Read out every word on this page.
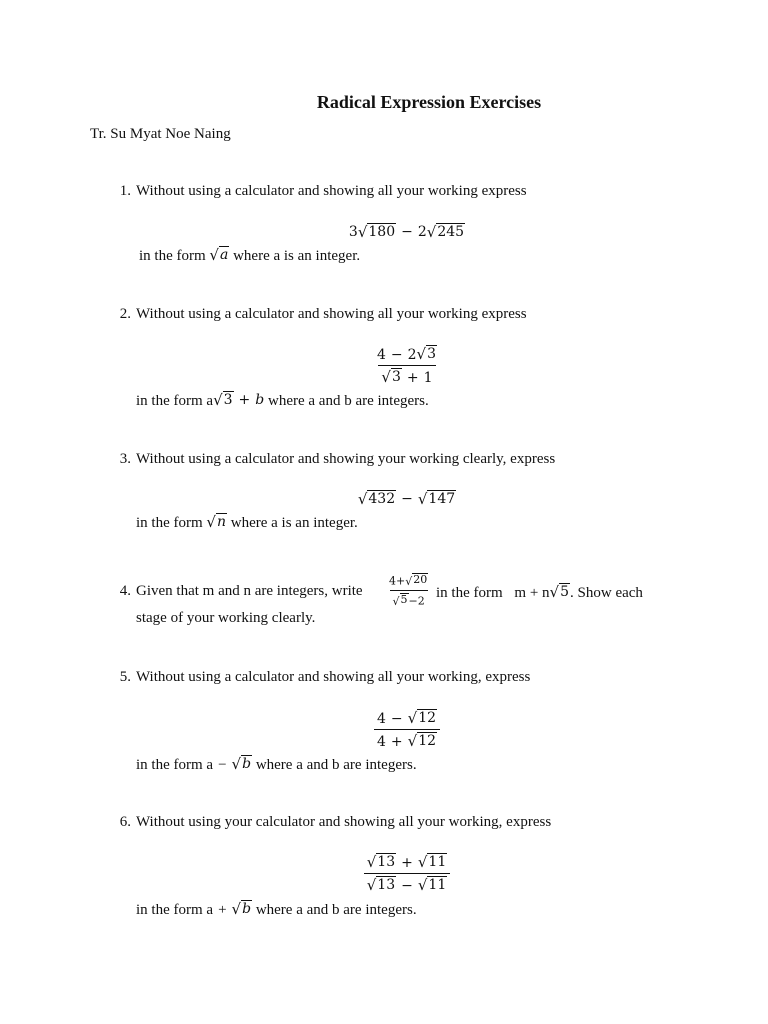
Radical Expression Exercises
Tr. Su Myat Noe Naing
1. Without using a calculator and showing all your working express
3 √ 180 − 2 √ 245
in the form √ a where a is an integer.
2. Without using a calculator and showing all your working express
$\frac{4 - 2 √ 3}{√ 3 + 1}$
in the form a √ 3 + b where a and b are integers.
3. Without using a calculator and showing your working clearly, express
√ 432 − √ 147
in the form √ n where a is an integer.
4. Given that m and n are integers, write $\frac{4+ √ 20}{√ 5 -2}$ in the form m + n √ 5 . Show each
stage of your working clearly.
5. Without using a calculator and showing all your working, express
$\frac{4 - √ 12}{4 + √ 12}$
in the form a − √ b where a and b are integers.
6. Without using your calculator and showing all your working, express
$\frac{√ 13 + √ 11}{√ 13 - √ 11}$
in the form a + √ b where a and b are integers.
